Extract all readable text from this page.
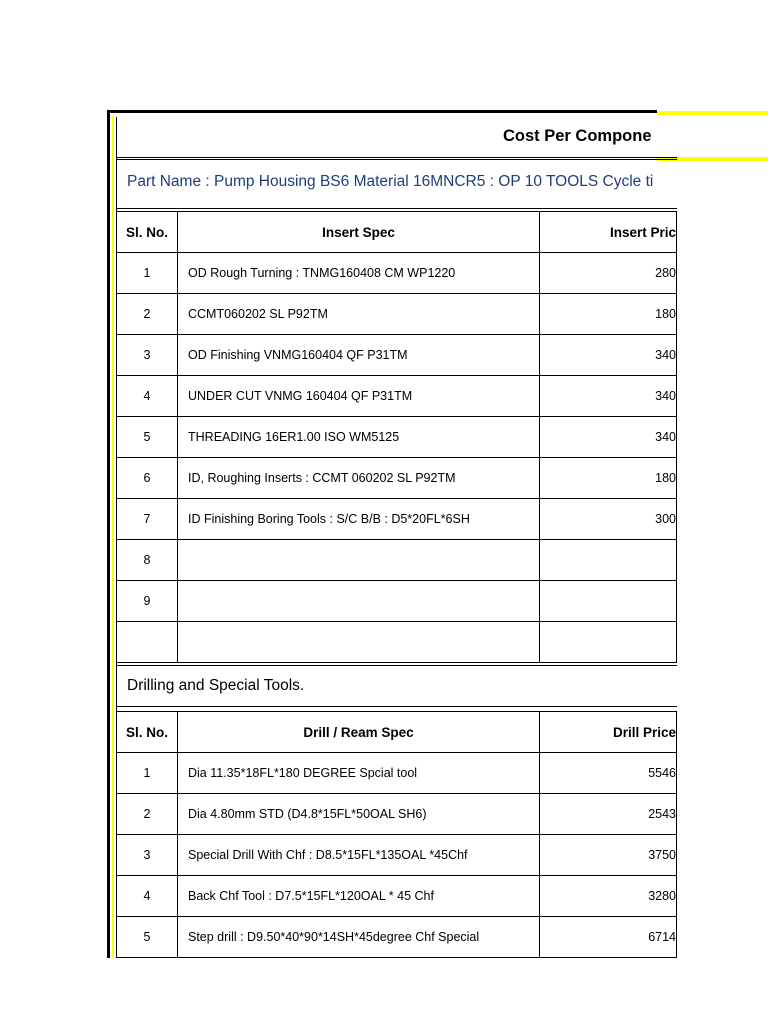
Cost Per Compone
Part Name : Pump Housing BS6 Material 16MNCR5 : OP 10 TOOLS Cycle ti
Sl. No.	Insert Spec	Insert Pric
1	OD Rough Turning : TNMG160408 CM WP1220	280
2	CCMT060202 SL P92TM	180
3	OD Finishing VNMG160404 QF P31TM	340
4	UNDER CUT VNMG 160404 QF P31TM	340
5	THREADING 16ER1.00 ISO WM5125	340
6	ID, Roughing Inserts : CCMT 060202 SL P92TM	180
7	ID Finishing Boring Tools : S/C B/B : D5*20FL*6SH	300
8		
9		

Drilling and Special Tools.
Sl. No.	Drill / Ream Spec	Drill Price
1	Dia 11.35*18FL*180 DEGREE Spcial tool	5546
2	Dia 4.80mm STD (D4.8*15FL*50OAL SH6)	2543
3	Special Drill With Chf : D8.5*15FL*135OAL *45Chf	3750
4	Back Chf Tool : D7.5*15FL*120OAL * 45 Chf	3280
5	Step drill : D9.50*40*90*14SH*45degree Chf Special	6714
